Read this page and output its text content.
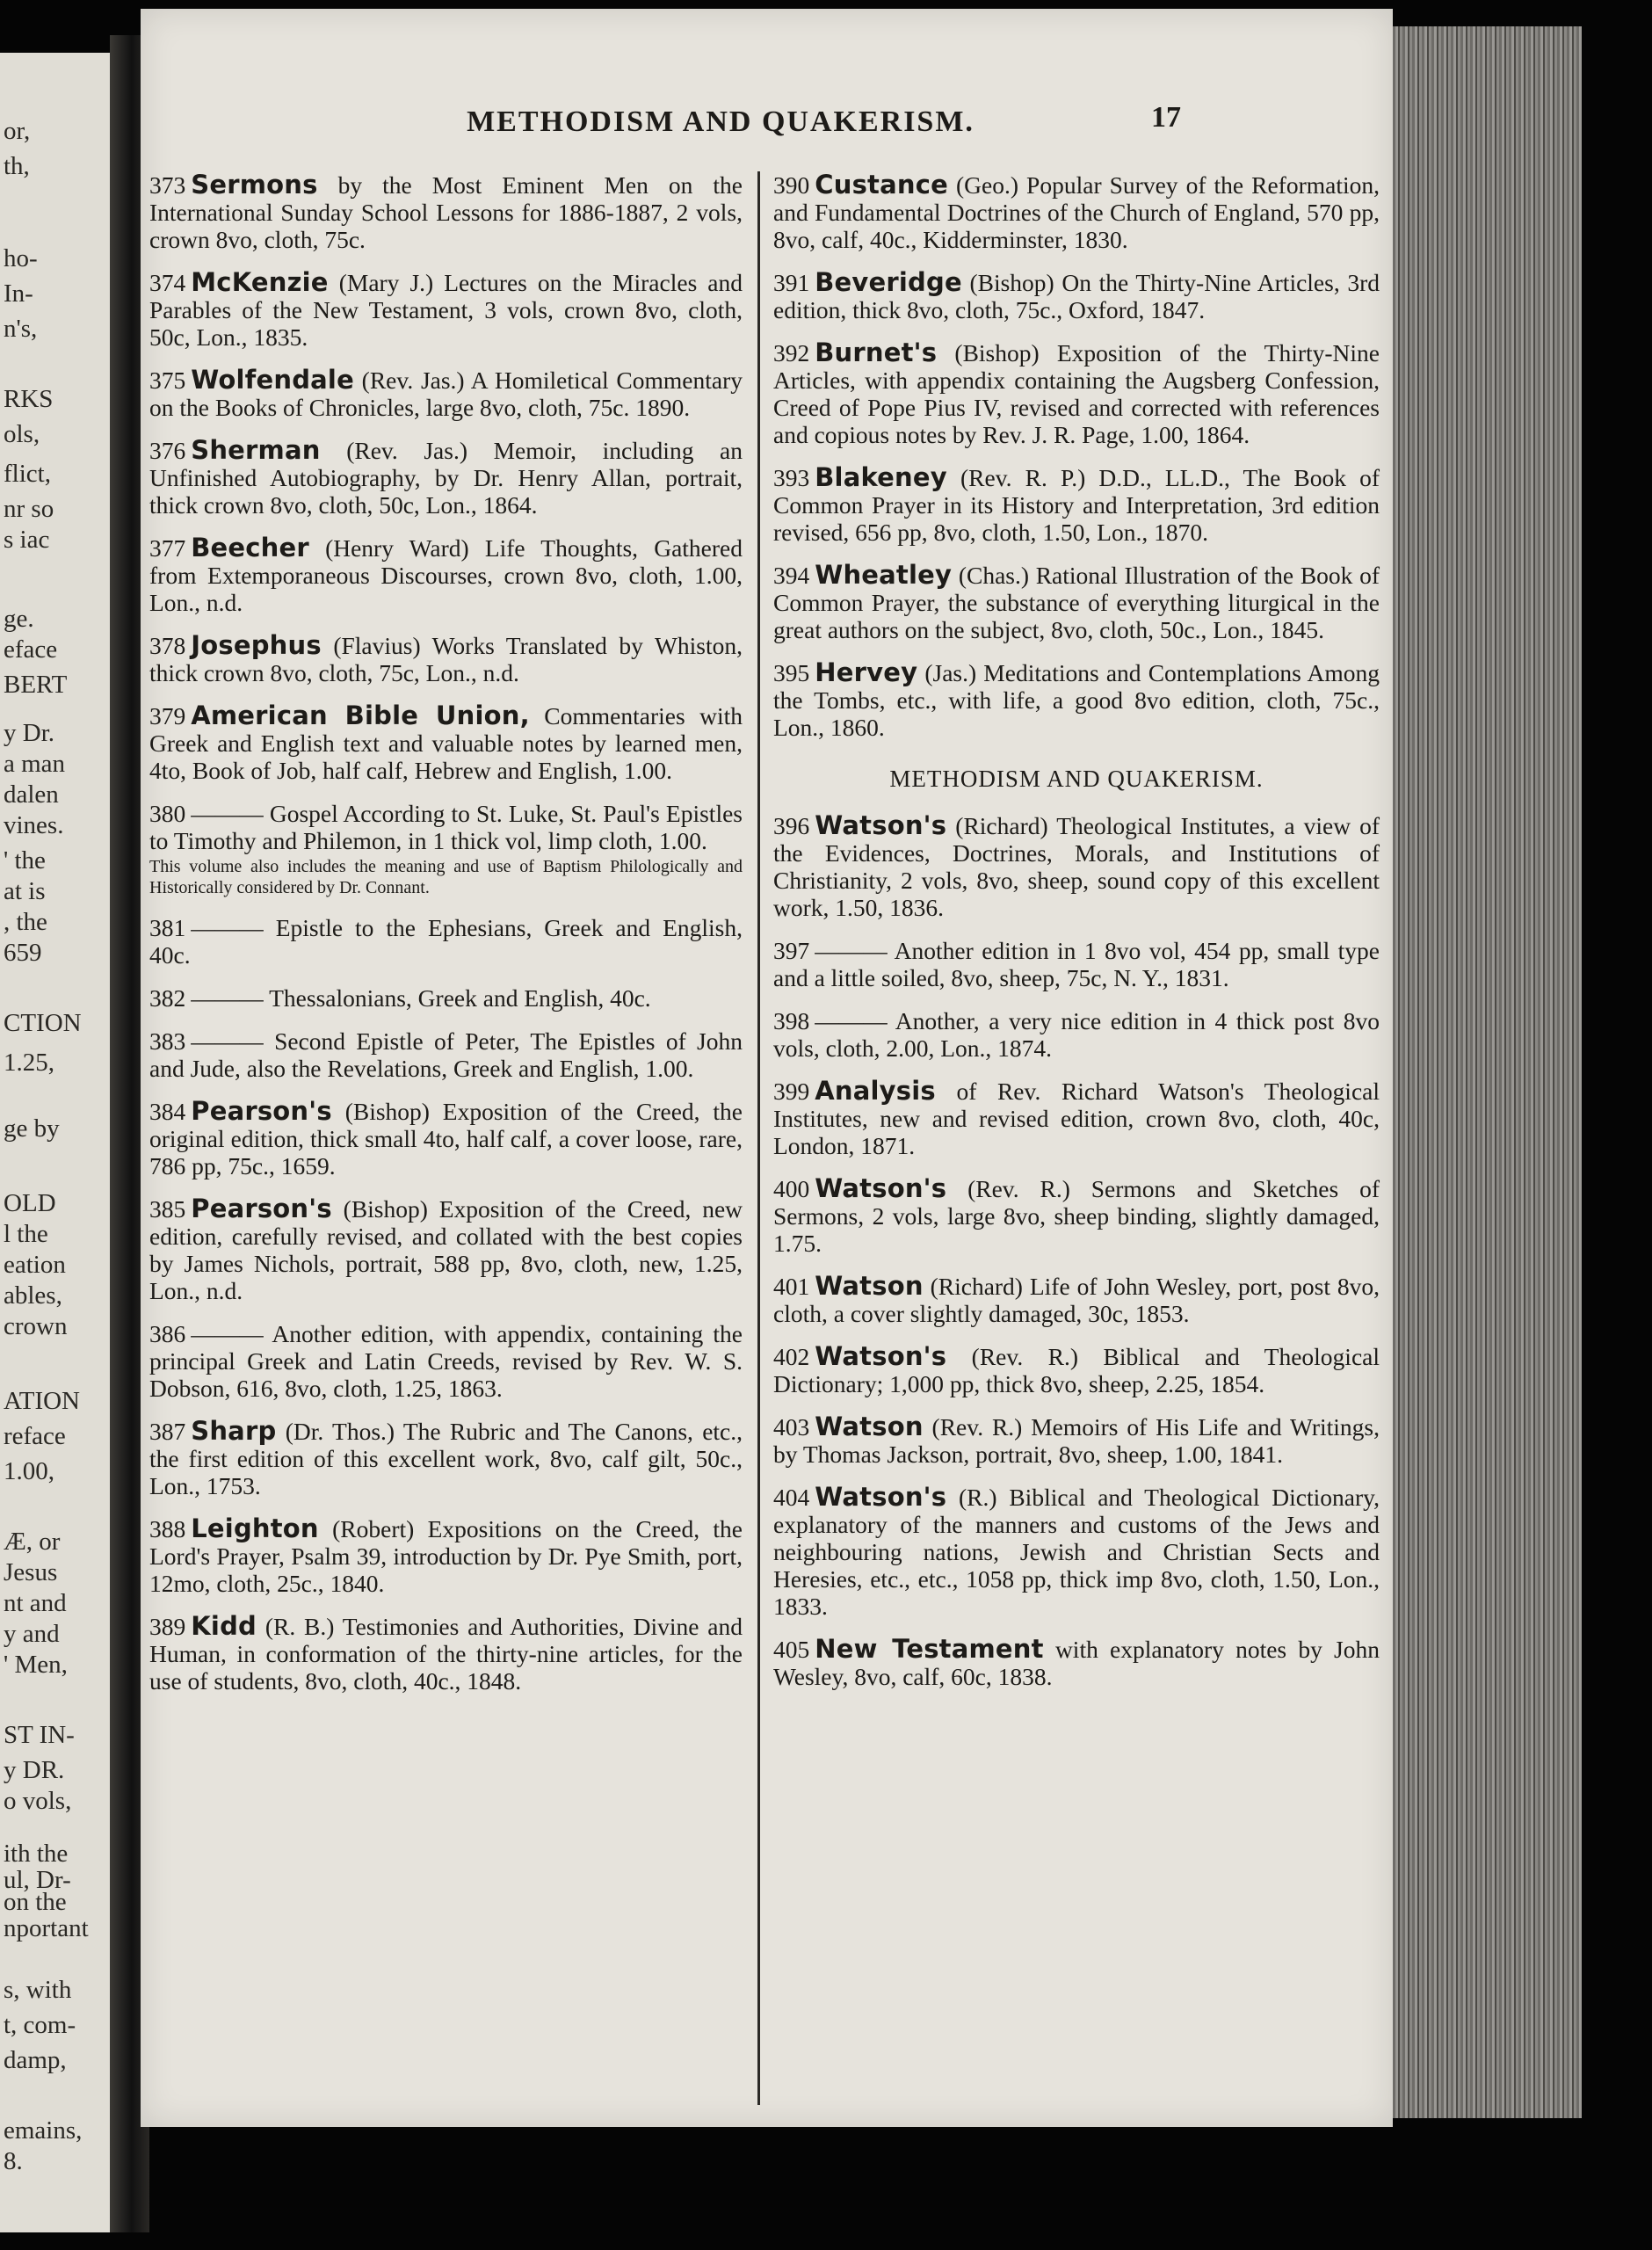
or,
th,
ho-
In-
n's,
RKS
ols,
flict,
nr so
s iac
ge.
eface
BERT
y Dr.
a man
dalen
vines.
' the
at is
, the
659
CTION
1.25,
ge by
OLD
l the
eation
ables,
crown
ATION
reface
1.00,
Æ, or
Jesus
nt and
y and
' Men,
ST IN-
y DR.
o vols,
ith the
ul, Dr-
on the
nportant
s, with
t, com-
damp,
emains,
8.
METHODISM AND QUAKERISM.	17

373 Sermons by the Most Eminent Men on the International Sunday School Lessons for 1886-1887, 2 vols, crown 8vo, cloth, 75c.

374 McKenzie (Mary J.) Lectures on the Miracles and Parables of the New Testament, 3 vols, crown 8vo, cloth, 50c, Lon., 1835.

375 Wolfendale (Rev. Jas.) A Homiletical Commentary on the Books of Chronicles, large 8vo, cloth, 75c. 1890.

376 Sherman (Rev. Jas.) Memoir, including an Unfinished Autobiography, by Dr. Henry Allan, portrait, thick crown 8vo, cloth, 50c, Lon., 1864.

377 Beecher (Henry Ward) Life Thoughts, Gathered from Extemporaneous Discourses, crown 8vo, cloth, 1.00, Lon., n.d.

378 Josephus (Flavius) Works Translated by Whiston, thick crown 8vo, cloth, 75c, Lon., n.d.

379 American Bible Union, Commentaries with Greek and English text and valuable notes by learned men, 4to, Book of Job, half calf, Hebrew and English, 1.00.

380 ——— Gospel According to St. Luke, St. Paul's Epistles to Timothy and Philemon, in 1 thick vol, limp cloth, 1.00.
This volume also includes the meaning and use of Baptism Philologically and Historically considered by Dr. Connant.

381 ——— Epistle to the Ephesians, Greek and English, 40c.

382 ——— Thessalonians, Greek and English, 40c.

383 ——— Second Epistle of Peter, The Epistles of John and Jude, also the Revelations, Greek and English, 1.00.

384 Pearson's (Bishop) Exposition of the Creed, the original edition, thick small 4to, half calf, a cover loose, rare, 786 pp, 75c., 1659.

385 Pearson's (Bishop) Exposition of the Creed, new edition, carefully revised, and collated with the best copies by James Nichols, portrait, 588 pp, 8vo, cloth, new, 1.25, Lon., n.d.

386 ——— Another edition, with appendix, containing the principal Greek and Latin Creeds, revised by Rev. W. S. Dobson, 616, 8vo, cloth, 1.25, 1863.

387 Sharp (Dr. Thos.) The Rubric and The Canons, etc., the first edition of this excellent work, 8vo, calf gilt, 50c., Lon., 1753.

388 Leighton (Robert) Expositions on the Creed, the Lord's Prayer, Psalm 39, introduction by Dr. Pye Smith, port, 12mo, cloth, 25c., 1840.

389 Kidd (R. B.) Testimonies and Authorities, Divine and Human, in conformation of the thirty-nine articles, for the use of students, 8vo, cloth, 40c., 1848.

390 Custance (Geo.) Popular Survey of the Reformation, and Fundamental Doctrines of the Church of England, 570 pp, 8vo, calf, 40c., Kidderminster, 1830.

391 Beveridge (Bishop) On the Thirty-Nine Articles, 3rd edition, thick 8vo, cloth, 75c., Oxford, 1847.

392 Burnet's (Bishop) Exposition of the Thirty-Nine Articles, with appendix containing the Augsberg Confession, Creed of Pope Pius IV, revised and corrected with references and copious notes by Rev. J. R. Page, 1.00, 1864.

393 Blakeney (Rev. R. P.) D.D., LL.D., The Book of Common Prayer in its History and Interpretation, 3rd edition revised, 656 pp, 8vo, cloth, 1.50, Lon., 1870.

394 Wheatley (Chas.) Rational Illustration of the Book of Common Prayer, the substance of everything liturgical in the great authors on the subject, 8vo, cloth, 50c., Lon., 1845.

395 Hervey (Jas.) Meditations and Contemplations Among the Tombs, etc., with life, a good 8vo edition, cloth, 75c., Lon., 1860.

METHODISM AND QUAKERISM.

396 Watson's (Richard) Theological Institutes, a view of the Evidences, Doctrines, Morals, and Institutions of Christianity, 2 vols, 8vo, sheep, sound copy of this excellent work, 1.50, 1836.

397 ——— Another edition in 1 8vo vol, 454 pp, small type and a little soiled, 8vo, sheep, 75c, N. Y., 1831.

398 ——— Another, a very nice edition in 4 thick post 8vo vols, cloth, 2.00, Lon., 1874.

399 Analysis of Rev. Richard Watson's Theological Institutes, new and revised edition, crown 8vo, cloth, 40c, London, 1871.

400 Watson's (Rev. R.) Sermons and Sketches of Sermons, 2 vols, large 8vo, sheep binding, slightly damaged, 1.75.

401 Watson (Richard) Life of John Wesley, port, post 8vo, cloth, a cover slightly damaged, 30c, 1853.

402 Watson's (Rev. R.) Biblical and Theological Dictionary; 1,000 pp, thick 8vo, sheep, 2.25, 1854.

403 Watson (Rev. R.) Memoirs of His Life and Writings, by Thomas Jackson, portrait, 8vo, sheep, 1.00, 1841.

404 Watson's (R.) Biblical and Theological Dictionary, explanatory of the manners and customs of the Jews and neighbouring nations, Jewish and Christian Sects and Heresies, etc., etc., 1058 pp, thick imp 8vo, cloth, 1.50, Lon., 1833.

405 New Testament with explanatory notes by John Wesley, 8vo, calf, 60c, 1838.
